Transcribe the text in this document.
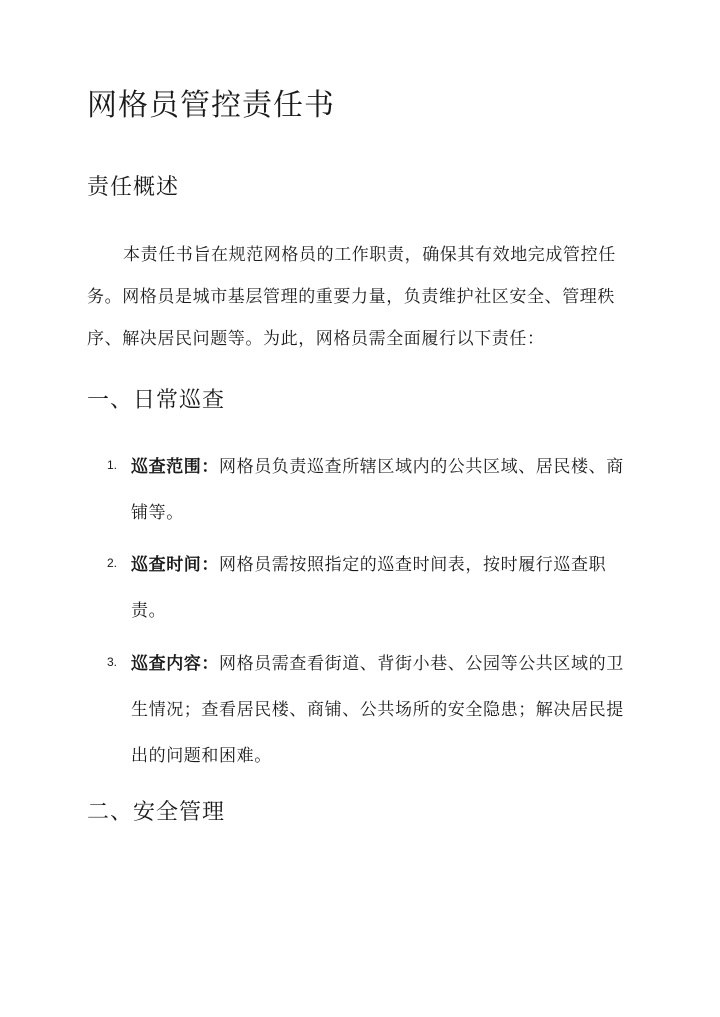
网格员管控责任书
责任概述

本责任书旨在规范网格员的工作职责，确保其有效地完成管控任务。网格员是城市基层管理的重要力量，负责维护社区安全、管理秩序、解决居民问题等。为此，网格员需全面履行以下责任：

一、日常巡查
1. 巡查范围：网格员负责巡查所辖区域内的公共区域、居民楼、商铺等。
2. 巡查时间：网格员需按照指定的巡查时间表，按时履行巡查职责。
3. 巡查内容：网格员需查看街道、背街小巷、公园等公共区域的卫生情况；查看居民楼、商铺、公共场所的安全隐患；解决居民提出的问题和困难。
二、安全管理
